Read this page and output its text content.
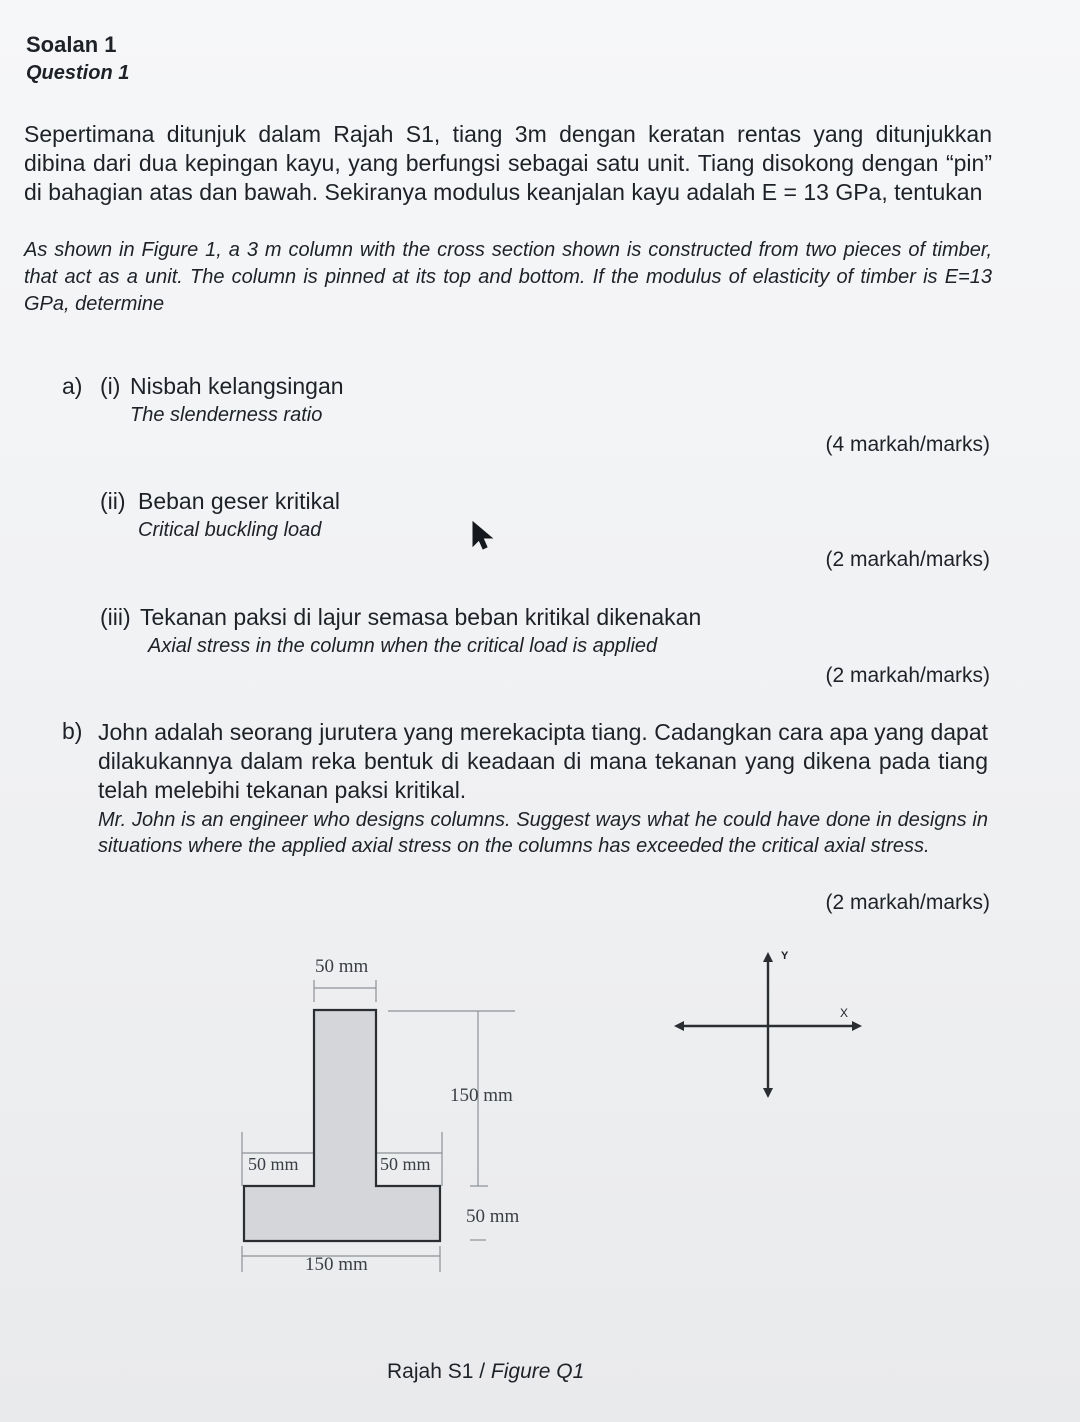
Soalan 1
Question 1
Sepertimana ditunjuk dalam Rajah S1, tiang 3m dengan keratan rentas yang ditunjukkan dibina dari dua kepingan kayu, yang berfungsi sebagai satu unit. Tiang disokong dengan “pin” di bahagian atas dan bawah. Sekiranya modulus keanjalan kayu adalah E = 13 GPa, tentukan
As shown in Figure 1, a 3 m column with the cross section shown is constructed from two pieces of timber, that act as a unit. The column is pinned at its top and bottom. If the modulus of elasticity of timber is E=13 GPa, determine
a) (i) Nisbah kelangsingan
The slenderness ratio
(4 markah/marks)
(ii) Beban geser kritikal
Critical buckling load
(2 markah/marks)
(iii) Tekanan paksi di lajur semasa beban kritikal dikenakan
Axial stress in the column when the critical load is applied
(2 markah/marks)
b) John adalah seorang jurutera yang merekacipta tiang. Cadangkan cara apa yang dapat dilakukannya dalam reka bentuk di keadaan di mana tekanan yang dikena pada tiang telah melebihi tekanan paksi kritikal.
Mr. John is an engineer who designs columns. Suggest ways what he could have done in designs in situations where the applied axial stress on the columns has exceeded the critical axial stress.
(2 markah/marks)
50 mm
150 mm
50 mm	50 mm
50 mm
150 mm
Y
X
Rajah S1 / Figure Q1
